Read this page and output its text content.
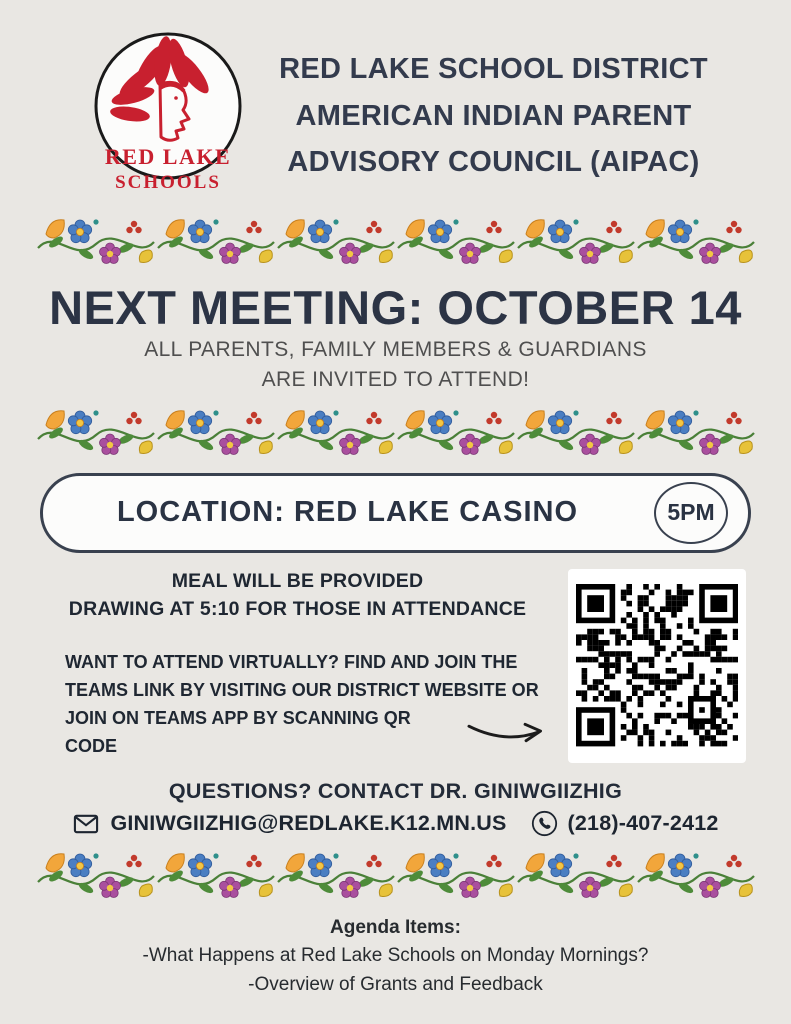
RED LAKE
SCHOOLS
RED LAKE SCHOOL DISTRICT
AMERICAN INDIAN PARENT
ADVISORY COUNCIL (AIPAC)
NEXT MEETING: OCTOBER 14
ALL PARENTS, FAMILY MEMBERS & GUARDIANS
ARE INVITED TO ATTEND!
LOCATION: RED LAKE CASINO	5PM
MEAL WILL BE PROVIDED
DRAWING AT 5:10 FOR THOSE IN ATTENDANCE
WANT TO ATTEND VIRTUALLY? FIND AND JOIN THE
TEAMS LINK BY VISITING OUR DISTRICT WEBSITE OR
JOIN ON TEAMS APP BY SCANNING QR CODE
QUESTIONS? CONTACT DR. GINIWGIIZHIG
GINIWGIIZHIG@REDLAKE.K12.MN.US	(218)-407-2412
Agenda Items:
-What Happens at Red Lake Schools on Monday Mornings?
-Overview of Grants and Feedback
